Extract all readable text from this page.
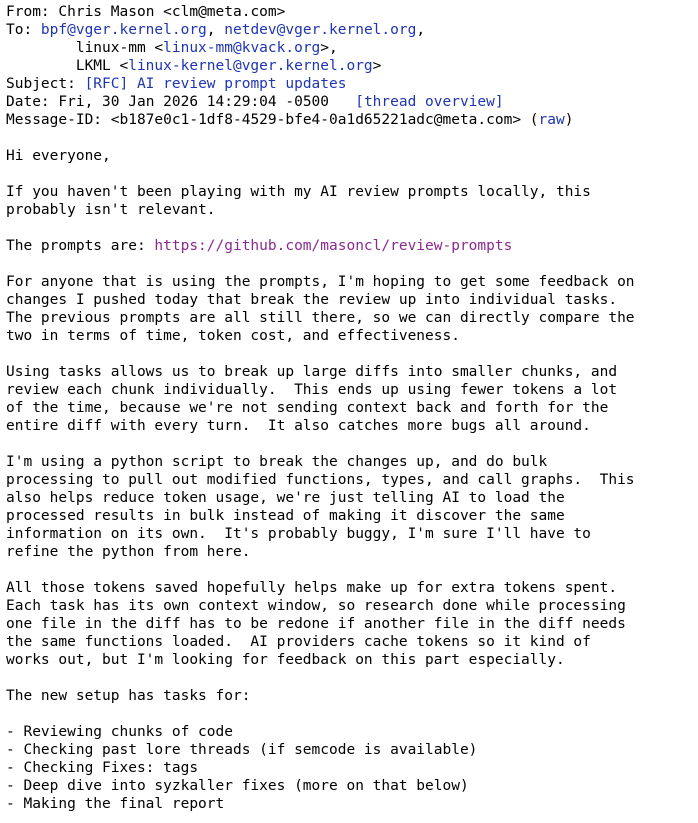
From: Chris Mason <clm@meta.com>
To: bpf@vger.kernel.org, netdev@vger.kernel.org,
linux-mm <linux-mm@kvack.org>,
LKML <linux-kernel@vger.kernel.org>
Subject: [RFC] AI review prompt updates
Date: Fri, 30 Jan 2026 14:29:04 -0500 [thread overview]
Message-ID: <b187e0c1-1df8-4529-bfe4-0a1d65221adc@meta.com> (raw)

Hi everyone,

If you haven't been playing with my AI review prompts locally, this
probably isn't relevant.

The prompts are: https://github.com/masoncl/review-prompts

For anyone that is using the prompts, I'm hoping to get some feedback on
changes I pushed today that break the review up into individual tasks.
The previous prompts are all still there, so we can directly compare the
two in terms of time, token cost, and effectiveness.

Using tasks allows us to break up large diffs into smaller chunks, and
review each chunk individually.  This ends up using fewer tokens a lot
of the time, because we're not sending context back and forth for the
entire diff with every turn.  It also catches more bugs all around.

I'm using a python script to break the changes up, and do bulk
processing to pull out modified functions, types, and call graphs.  This
also helps reduce token usage, we're just telling AI to load the
processed results in bulk instead of making it discover the same
information on its own.  It's probably buggy, I'm sure I'll have to
refine the python from here.

All those tokens saved hopefully helps make up for extra tokens spent.
Each task has its own context window, so research done while processing
one file in the diff has to be redone if another file in the diff needs
the same functions loaded.  AI providers cache tokens so it kind of
works out, but I'm looking for feedback on this part especially.

The new setup has tasks for:

- Reviewing chunks of code
- Checking past lore threads (if semcode is available)
- Checking Fixes: tags
- Deep dive into syzkaller fixes (more on that below)
- Making the final report
